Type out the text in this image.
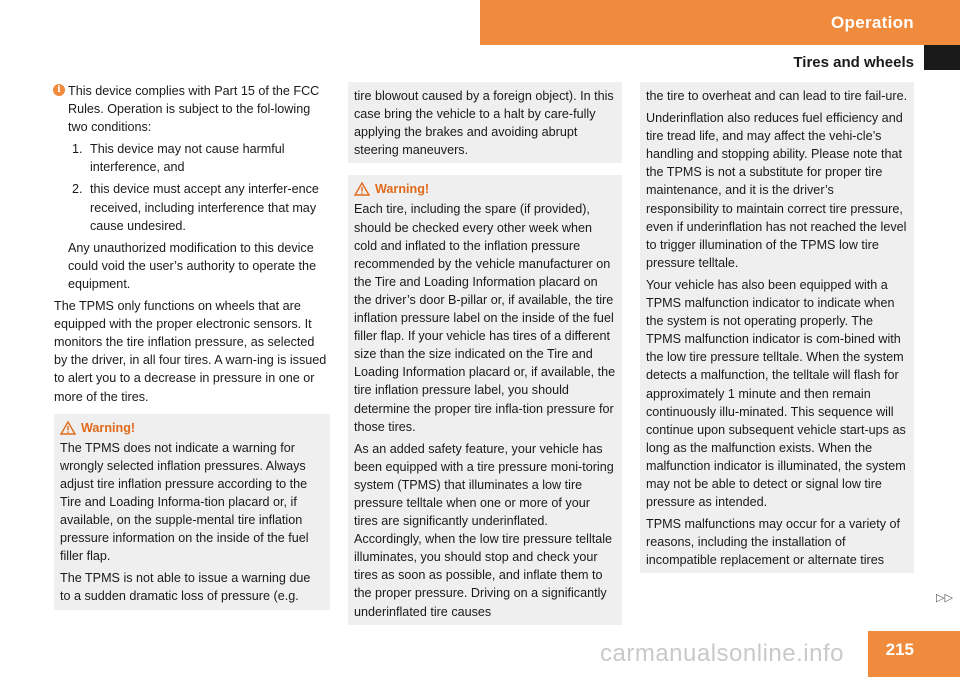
Operation
Tires and wheels
i This device complies with Part 15 of the FCC Rules. Operation is subject to the fol-lowing two conditions:

1. This device may not cause harmful interference, and
2. this device must accept any interfer-ence received, including interference that may cause undesired.

Any unauthorized modification to this device could void the user’s authority to operate the equipment.

The TPMS only functions on wheels that are equipped with the proper electronic sensors. It monitors the tire inflation pressure, as selected by the driver, in all four tires. A warn-ing is issued to alert you to a decrease in pressure in one or more of the tires.

Warning!

The TPMS does not indicate a warning for wrongly selected inflation pressures. Always adjust tire inflation pressure according to the Tire and Loading Informa-tion placard or, if available, on the supple-mental tire inflation pressure information on the inside of the fuel filler flap.

The TPMS is not able to issue a warning due to a sudden dramatic loss of pressure (e.g.

tire blowout caused by a foreign object). In this case bring the vehicle to a halt by care-fully applying the brakes and avoiding abrupt steering maneuvers.

Warning!

Each tire, including the spare (if provided), should be checked every other week when cold and inflated to the inflation pressure recommended by the vehicle manufacturer on the Tire and Loading Information placard on the driver’s door B-pillar or, if available, the tire inflation pressure label on the inside of the fuel filler flap. If your vehicle has tires of a different size than the size indicated on the Tire and Loading Information placard or, if available, the tire inflation pressure label, you should determine the proper tire infla-tion pressure for those tires.

As an added safety feature, your vehicle has been equipped with a tire pressure moni-toring system (TPMS) that illuminates a low tire pressure telltale when one or more of your tires are significantly underinflated. Accordingly, when the low tire pressure telltale illuminates, you should stop and check your tires as soon as possible, and inflate them to the proper pressure. Driving on a significantly underinflated tire causes

the tire to overheat and can lead to tire fail-ure.

Underinflation also reduces fuel efficiency and tire tread life, and may affect the vehi-cle’s handling and stopping ability. Please note that the TPMS is not a substitute for proper tire maintenance, and it is the driver’s responsibility to maintain correct tire pressure, even if underinflation has not reached the level to trigger illumination of the TPMS low tire pressure telltale.

Your vehicle has also been equipped with a TPMS malfunction indicator to indicate when the system is not operating properly. The TPMS malfunction indicator is com-bined with the low tire pressure telltale. When the system detects a malfunction, the telltale will flash for approximately 1 minute and then remain continuously illu-minated. This sequence will continue upon subsequent vehicle start-ups as long as the malfunction exists. When the malfunction indicator is illuminated, the system may not be able to detect or signal low tire pressure as intended.

TPMS malfunctions may occur for a variety of reasons, including the installation of incompatible replacement or alternate tires

▷▷
carmanualsonline.info 215
